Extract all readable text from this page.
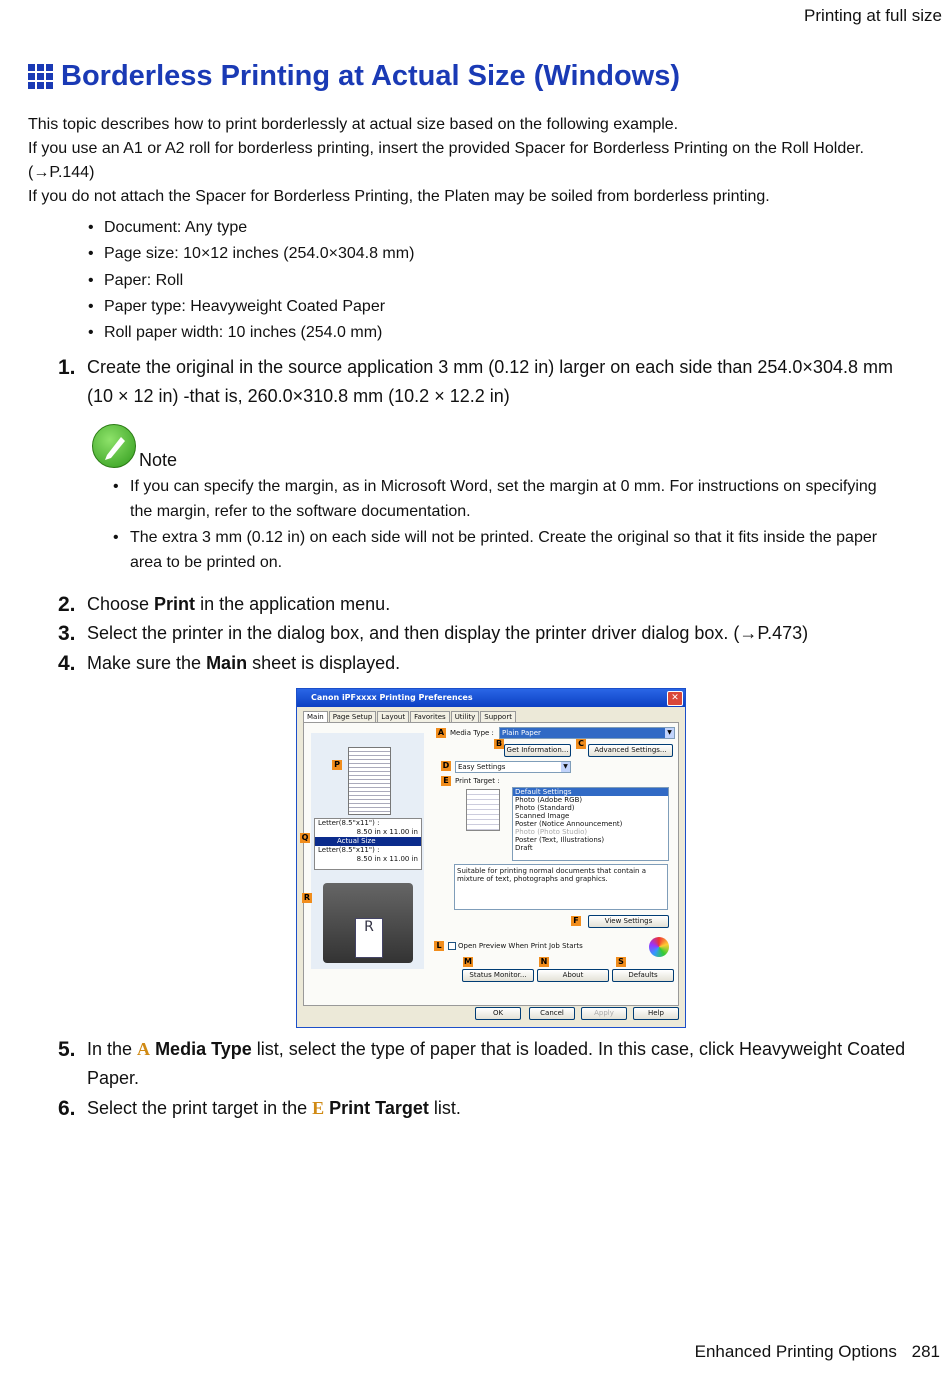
Printing at full size
Borderless Printing at Actual Size (Windows)

This topic describes how to print borderlessly at actual size based on the following example.

If you use an A1 or A2 roll for borderless printing, insert the provided Spacer for Borderless Printing on the Roll Holder. (→P.144)

If you do not attach the Spacer for Borderless Printing, the Platen may be soiled from borderless printing.

• Document: Any type
• Page size: 10×12 inches (254.0×304.8 mm)
• Paper: Roll
• Paper type: Heavyweight Coated Paper
• Roll paper width: 10 inches (254.0 mm)
1. Create the original in the source application 3 mm (0.12 in) larger on each side than 254.0×304.8 mm (10 × 12 in) -that is, 260.0×310.8 mm (10.2 × 12.2 in)
Note
• If you can specify the margin, as in Microsoft Word, set the margin at 0 mm. For instructions on specifying the margin, refer to the software documentation.
• The extra 3 mm (0.12 in) on each side will not be printed. Create the original so that it fits inside the paper area to be printed on.
2. Choose Print in the application menu.
3. Select the printer in the dialog box, and then display the printer driver dialog box. (→P.473)
4. Make sure the Main sheet is displayed.
Canon iPFxxxx Printing Preferences	✕
Main	Page Setup	Layout	Favorites	Utility	Support
Letter(8.5"x11") :
8.50 in x 11.00 in
Actual Size
Letter(8.5"x11") :
8.50 in x 11.00 in
R
P
Q
R
A Media Type :	Plain Paper	▼
B
Get Information...
C
Advanced Settings...
D	Easy Settings	▼
E Print Target :
Default Settings
Photo (Adobe RGB)
Photo (Standard)
Scanned Image
Poster (Notice Announcement)
Photo (Photo Studio)
Poster (Text, Illustrations)
Draft
Suitable for printing normal documents that contain a mixture of text, photographs and graphics.
F	View Settings
L	Open Preview When Print Job Starts
M	N	S
Status Monitor...	About	Defaults
OK	Cancel	Apply	Help
5. In the A Media Type list, select the type of paper that is loaded. In this case, click Heavyweight Coated Paper.
6. Select the print target in the E Print Target list.
Enhanced Printing Options 281
